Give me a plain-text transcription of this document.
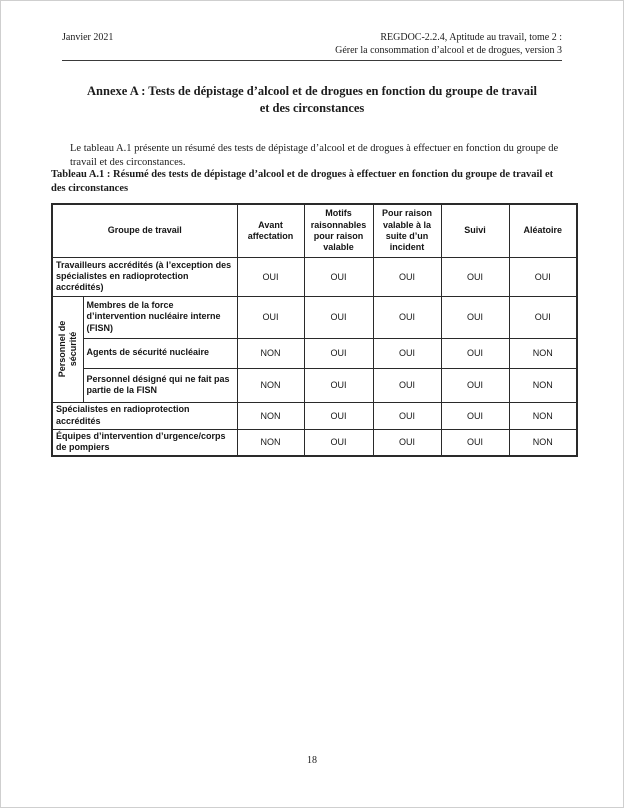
Janvier 2021	REGDOC-2.2.4, Aptitude au travail, tome 2 :
Gérer la consommation d’alcool et de drogues, version 3
Annexe A : Tests de dépistage d’alcool et de drogues en fonction du groupe de travail et des circonstances

Le tableau A.1 présente un résumé des tests de dépistage d’alcool et de drogues à effectuer en fonction du groupe de travail et des circonstances.

Tableau A.1 : Résumé des tests de dépistage d’alcool et de drogues à effectuer en fonction du groupe de travail et des circonstances
Groupe de travail		Avant affectation	Motifs raisonnables pour raison valable	Pour raison valable à la suite d’un incident	Suivi	Aléatoire
Travailleurs accrédités (à l’exception des spécialistes en radioprotection accrédités)		OUI	OUI	OUI	OUI	OUI

Personnel de sécurité	Membres de la force d’intervention nucléaire interne (FISN)	OUI	OUI	OUI	OUI	OUI
	Agents de sécurité nucléaire	NON	OUI	OUI	OUI	NON
	Personnel désigné qui ne fait pas partie de la FISN	NON	OUI	OUI	OUI	NON
Spécialistes en radioprotection accrédités		NON	OUI	OUI	OUI	NON
Équipes d’intervention d’urgence/corps de pompiers		NON	OUI	OUI	OUI	NON
18
